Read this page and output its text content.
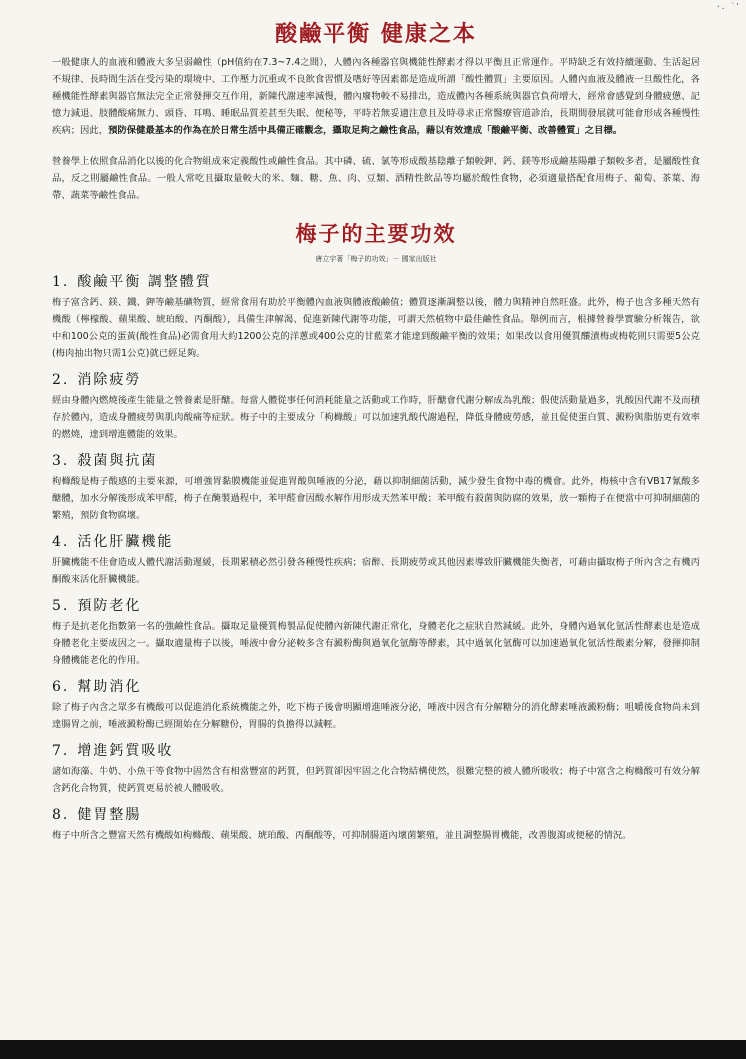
·. ˙'
酸鹼平衡 健康之本

一般健康人的血液和體液大多呈弱鹼性（pH值約在7.3~7.4之間），人體內各種器官與機能性酵素才得以平衡且正常運作。平時缺乏有效持續運動、生活起居不規律、長時間生活在受污染的環境中、工作壓力沉重或不良飲食習慣及嗜好等因素都是造成所謂「酸性體質」主要原因。人體內血液及體液一旦酸性化，各種機能性酵素與器官無法完全正常發揮交互作用，新陳代謝速率減慢，體內廢物較不易排出，造成體內各種系統與器官負荷增大，經常會感覺到身體疲憊、記憶力減退、肢體酸痛無力、頭昏、耳鳴、睡眠品質差甚至失眠、便秘等，平時若無妥適注意且及時尋求正常醫療管道診治，長期間發展就可能會形成各種慢性疾病；因此，預防保健最基本的作為在於日常生活中具備正確觀念，攝取足夠之鹼性食品，藉以有效達成「酸鹼平衡、改善體質」之目標。

營養學上依照食品消化以後的化合物組成來定義酸性或鹼性食品。其中磷、硫、氯等形成酸基陰離子類較鉀、鈣、鎂等形成鹼基陽離子類較多者，是屬酸性食品，反之則屬鹼性食品。一般人常吃且攝取量較大的米、麵、糖、魚、肉、豆類、酒精性飲品等均屬於酸性食物，必須適量搭配食用梅子、葡萄、茶葉、海帶、蔬菜等鹼性食品。

梅子的主要功效
唐立宇著「梅子的功效」－ 國家出版社
1. 酸鹼平衡 調整體質

梅子富含鈣、鎂、鐵、鉀等鹼基礦物質，經常食用有助於平衡體內血液與體液酸鹼值；體質逐漸調整以後，體力與精神自然旺盛。此外，梅子也含多種天然有機酸（檸檬酸、蘋果酸、琥珀酸、丙酮酸），具備生津解渴、促進新陳代謝等功能，可謂天然植物中最佳鹼性食品。舉例而言，根據營養學實驗分析報告，欲中和100公克的蛋黃(酸性食品)必需食用大約1200公克的洋蔥或400公克的甘藍菜才能達到酸鹼平衡的效果；如果改以食用優質釀漬梅或梅乾則只需要5公克(梅肉抽出物只需1公克)就已經足夠。

2. 消除疲勞

經由身體內燃燒後產生能量之營養素是肝醣。每當人體從事任何消耗能量之活動或工作時，肝醣會代謝分解成為乳酸；假使活動量過多，乳酸因代謝不及而積存於體內，造成身體疲勞與肌肉酸痛等症狀。梅子中的主要成分「枸櫞酸」可以加速乳酸代謝過程，降低身體疲勞感，並且促使蛋白質、澱粉與脂肪更有效率的燃燒，達到增進體能的效果。

3. 殺菌與抗菌

枸櫞酸是梅子酸感的主要來源，可增強胃黏膜機能並促進胃酸與唾液的分泌，藉以抑制細菌活動，減少發生食物中毒的機會。此外，梅核中含有VB17氰酸多醣體，加水分解後形成苯甲醛，梅子在醃製過程中，苯甲醛會因酸水解作用形成天然苯甲酸；苯甲酸有殺菌與防腐的效果，放一顆梅子在便當中可抑制細菌的繁殖，預防食物腐壞。

4. 活化肝臟機能

肝臟機能不佳會造成人體代謝活動遲緩，長期累積必然引發各種慢性疾病；宿醉、長期疲勞或其他因素導致肝臟機能失衡者，可藉由攝取梅子所內含之有機丙酮酸來活化肝臟機能。

5. 預防老化

梅子是抗老化指數第一名的強鹼性食品。攝取足量優質梅製品促使體內新陳代謝正常化，身體老化之症狀自然減緩。此外，身體內過氧化氫活性酵素也是造成身體老化主要成因之一。攝取適量梅子以後，唾液中會分泌較多含有澱粉酶與過氧化氫酶等酵素，其中過氧化氫酶可以加速過氧化氫活性酸素分解，發揮抑制身體機能老化的作用。

6. 幫助消化

除了梅子內含之眾多有機酸可以促進消化系統機能之外，吃下梅子後會明顯增進唾液分泌，唾液中因含有分解糖分的消化酵素唾液澱粉酶；咀嚼後食物尚未到達腸胃之前，唾液澱粉酶已經開始在分解糖份，胃腸的負擔得以減輕。

7. 增進鈣質吸收

諸如海藻、牛奶、小魚干等食物中固然含有相當豐富的鈣質，但鈣質卻因牢固之化合物結構使然，很難完整的被人體所吸收；梅子中富含之枸櫞酸可有效分解含鈣化合物質，使鈣質更易於被人體吸收。

8. 健胃整腸

梅子中所含之豐富天然有機酸如枸櫞酸、蘋果酸、琥珀酸、丙酮酸等，可抑制腸道內壞菌繁殖，並且調整腸胃機能，改善腹瀉或便秘的情況。
